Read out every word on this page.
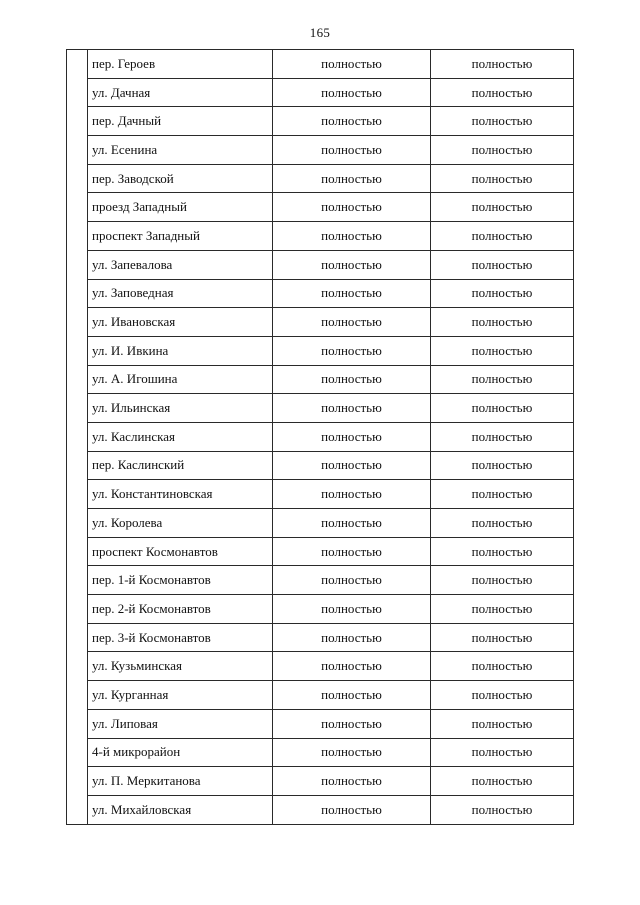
165
	пер. Героев	полностью	полностью
	ул. Дачная	полностью	полностью
	пер. Дачный	полностью	полностью
	ул. Есенина	полностью	полностью
	пер. Заводской	полностью	полностью
	проезд Западный	полностью	полностью
	проспект Западный	полностью	полностью
	ул. Запевалова	полностью	полностью
	ул. Заповедная	полностью	полностью
	ул. Ивановская	полностью	полностью
	ул. И. Ивкина	полностью	полностью
	ул. А. Игошина	полностью	полностью
	ул. Ильинская	полностью	полностью
	ул. Каслинская	полностью	полностью
	пер. Каслинский	полностью	полностью
	ул. Константиновская	полностью	полностью
	ул. Королева	полностью	полностью
	проспект Космонавтов	полностью	полностью
	пер. 1-й Космонавтов	полностью	полностью
	пер. 2-й Космонавтов	полностью	полностью
	пер. 3-й Космонавтов	полностью	полностью
	ул. Кузьминская	полностью	полностью
	ул. Курганная	полностью	полностью
	ул. Липовая	полностью	полностью
	4-й микрорайон	полностью	полностью
	ул. П. Меркитанова	полностью	полностью
	ул. Михайловская	полностью	полностью
